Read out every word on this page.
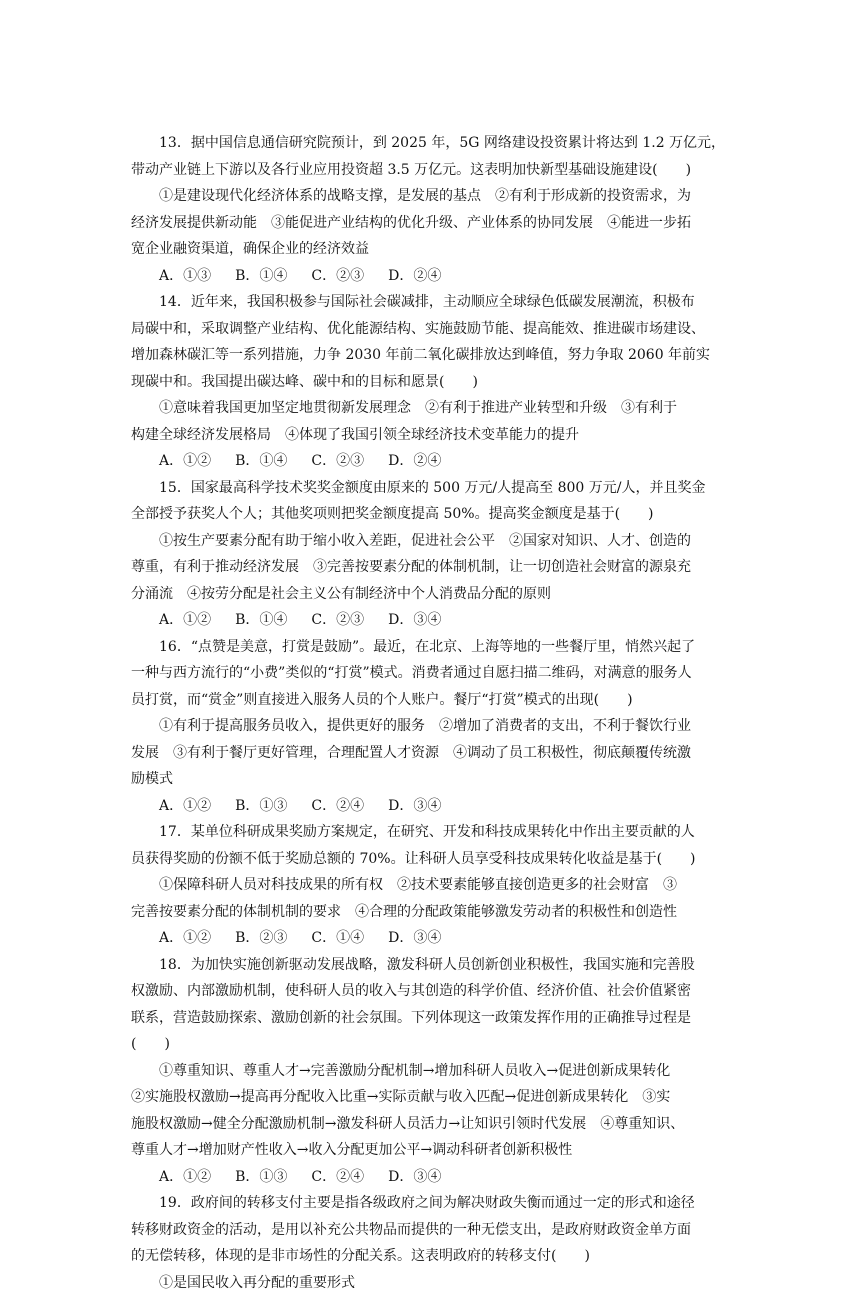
13．据中国信息通信研究院预计，到 2025 年，5G 网络建设投资累计将达到 1.2 万亿元，
带动产业链上下游以及各行业应用投资超 3.5 万亿元。这表明加快新型基础设施建设(　　)
①是建设现代化经济体系的战略支撑，是发展的基点　②有利于形成新的投资需求，为
经济发展提供新动能　③能促进产业结构的优化升级、产业体系的协同发展　④能进一步拓
宽企业融资渠道，确保企业的经济效益
A．①③ B．①④ C．②③ D．②④
14．近年来，我国积极参与国际社会碳减排，主动顺应全球绿色低碳发展潮流，积极布
局碳中和，采取调整产业结构、优化能源结构、实施鼓励节能、提高能效、推进碳市场建设、
增加森林碳汇等一系列措施，力争 2030 年前二氧化碳排放达到峰值，努力争取 2060 年前实
现碳中和。我国提出碳达峰、碳中和的目标和愿景(　　)
①意味着我国更加坚定地贯彻新发展理念　②有利于推进产业转型和升级　③有利于
构建全球经济发展格局　④体现了我国引领全球经济技术变革能力的提升
A．①② B．①④ C．②③ D．②④
15．国家最高科学技术奖奖金额度由原来的 500 万元/人提高至 800 万元/人，并且奖金
全部授予获奖人个人；其他奖项则把奖金额度提高 50%。提高奖金额度是基于(　　)
①按生产要素分配有助于缩小收入差距，促进社会公平　②国家对知识、人才、创造的
尊重，有利于推动经济发展　③完善按要素分配的体制机制，让一切创造社会财富的源泉充
分涌流　④按劳分配是社会主义公有制经济中个人消费品分配的原则
A．①② B．①④ C．②③ D．③④
16．“点赞是美意，打赏是鼓励”。最近，在北京、上海等地的一些餐厅里，悄然兴起了
一种与西方流行的“小费”类似的“打赏”模式。消费者通过自愿扫描二维码，对满意的服务人
员打赏，而“赏金”则直接进入服务人员的个人账户。餐厅“打赏”模式的出现(　　)
①有利于提高服务员收入，提供更好的服务　②增加了消费者的支出，不利于餐饮行业
发展　③有利于餐厅更好管理，合理配置人才资源　④调动了员工积极性，彻底颠覆传统激
励模式
A．①② B．①③ C．②④ D．③④
17．某单位科研成果奖励方案规定，在研究、开发和科技成果转化中作出主要贡献的人
员获得奖励的份额不低于奖励总额的 70%。让科研人员享受科技成果转化收益是基于(　　)
①保障科研人员对科技成果的所有权　②技术要素能够直接创造更多的社会财富　③
完善按要素分配的体制机制的要求　④合理的分配政策能够激发劳动者的积极性和创造性
A．①② B．②③ C．①④ D．③④
18．为加快实施创新驱动发展战略，激发科研人员创新创业积极性，我国实施和完善股
权激励、内部激励机制，使科研人员的收入与其创造的科学价值、经济价值、社会价值紧密
联系，营造鼓励探索、激励创新的社会氛围。下列体现这一政策发挥作用的正确推导过程是
(　　)
①尊重知识、尊重人才→完善激励分配机制→增加科研人员收入→促进创新成果转化
②实施股权激励→提高再分配收入比重→实际贡献与收入匹配→促进创新成果转化　③实
施股权激励→健全分配激励机制→激发科研人员活力→让知识引领时代发展　④尊重知识、
尊重人才→增加财产性收入→收入分配更加公平→调动科研者创新积极性
A．①② B．①③ C．②④ D．③④
19．政府间的转移支付主要是指各级政府之间为解决财政失衡而通过一定的形式和途径
转移财政资金的活动，是用以补充公共物品而提供的一种无偿支出，是政府财政资金单方面
的无偿转移，体现的是非市场性的分配关系。这表明政府的转移支付(　　)
①是国民收入再分配的重要形式
